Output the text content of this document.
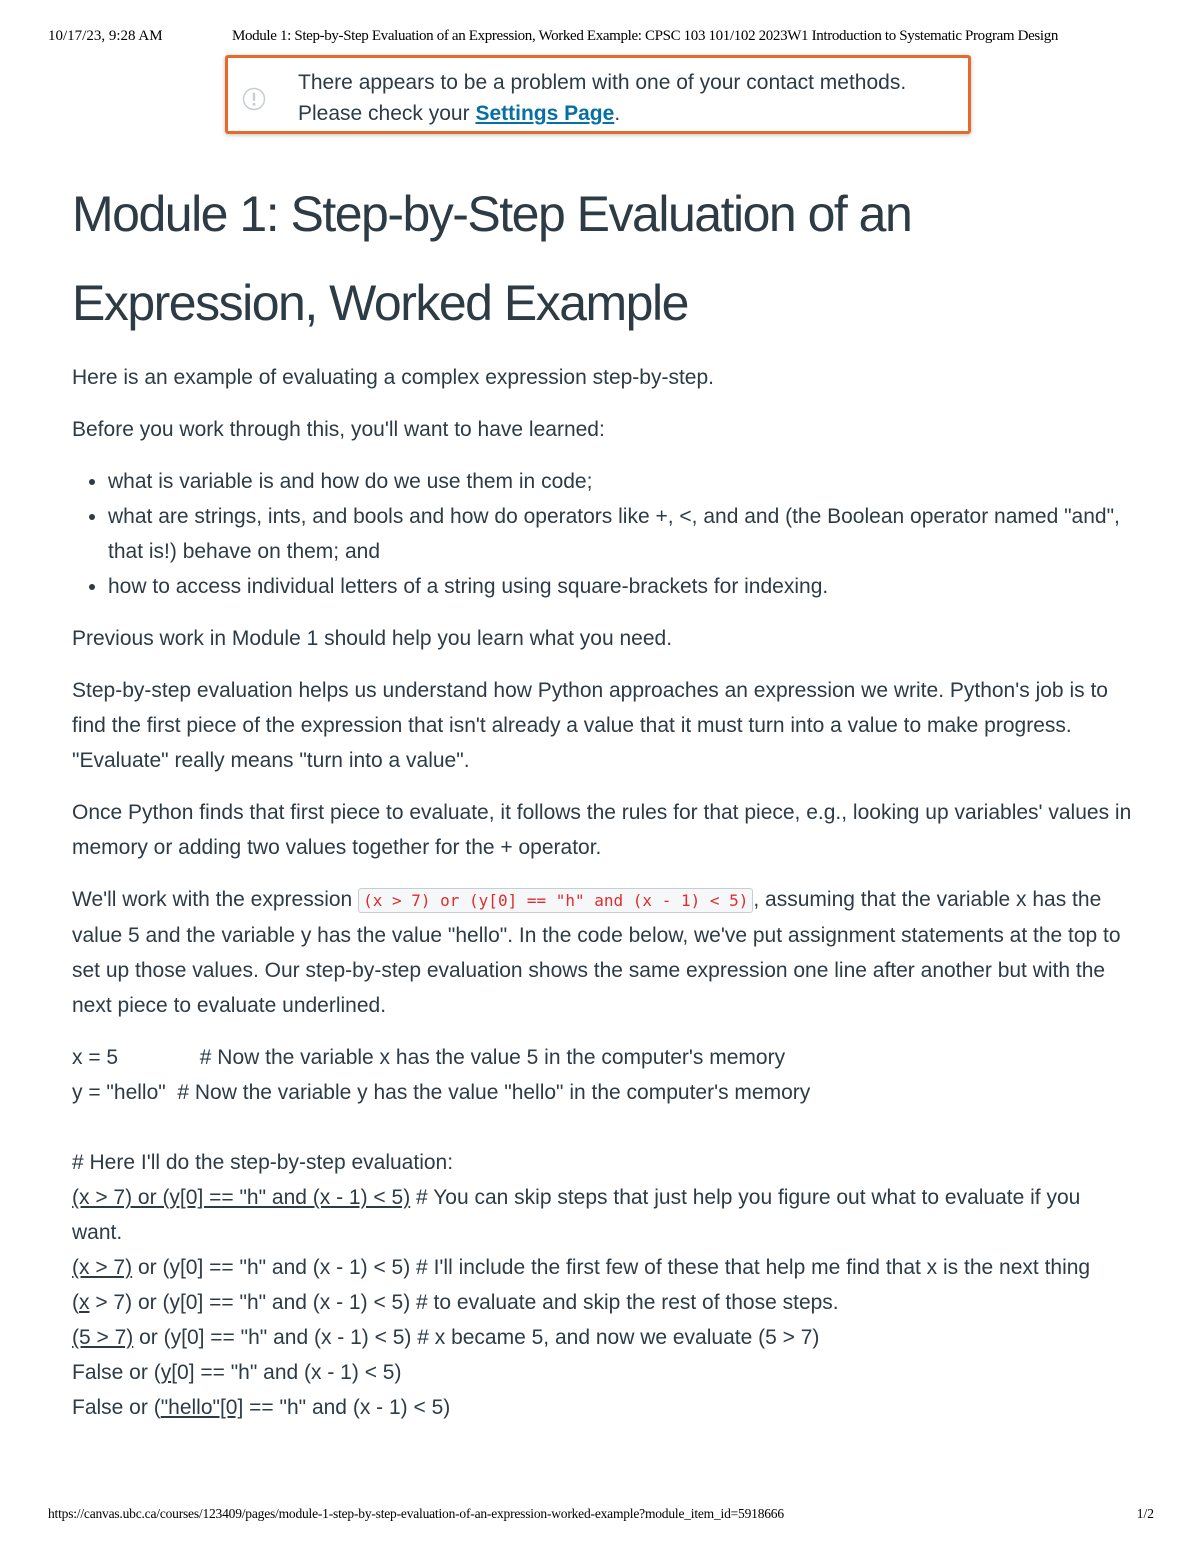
10/17/23, 9:28 AM	Module 1: Step-by-Step Evaluation of an Expression, Worked Example: CPSC 103 101/102 2023W1 Introduction to Systematic Program Design
There appears to be a problem with one of your contact methods. Please check your Settings Page.
Module 1: Step-by-Step Evaluation of an Expression, Worked Example

Here is an example of evaluating a complex expression step-by-step.

Before you work through this, you'll want to have learned:

• what is variable is and how do we use them in code;
• what are strings, ints, and bools and how do operators like +, <, and and (the Boolean operator named "and", that is!) behave on them; and
• how to access individual letters of a string using square-brackets for indexing.

Previous work in Module 1 should help you learn what you need.

Step-by-step evaluation helps us understand how Python approaches an expression we write. Python's job is to find the first piece of the expression that isn't already a value that it must turn into a value to make progress. "Evaluate" really means "turn into a value".

Once Python finds that first piece to evaluate, it follows the rules for that piece, e.g., looking up variables' values in memory or adding two values together for the + operator.

We'll work with the expression (x > 7) or (y[0] == "h" and (x - 1) < 5) , assuming that the variable x has the value 5 and the variable y has the value "hello". In the code below, we've put assignment statements at the top to set up those values. Our step-by-step evaluation shows the same expression one line after another but with the next piece to evaluate underlined.

x = 5              # Now the variable x has the value 5 in the computer's memory
y = "hello"  # Now the variable y has the value "hello" in the computer's memory
# Here I'll do the step-by-step evaluation:
(x > 7) or (y[0] == "h" and (x - 1) < 5) # You can skip steps that just help you figure out what to evaluate if you want.
(x > 7) or (y[0] == "h" and (x - 1) < 5) # I'll include the first few of these that help me find that x is the next thing
(x > 7) or (y[0] == "h" and (x - 1) < 5) # to evaluate and skip the rest of those steps.
(5 > 7) or (y[0] == "h" and (x - 1) < 5) # x became 5, and now we evaluate (5 > 7)
False or (y[0] == "h" and (x - 1) < 5)
False or ("hello"[0] == "h" and (x - 1) < 5)
https://canvas.ubc.ca/courses/123409/pages/module-1-step-by-step-evaluation-of-an-expression-worked-example?module_item_id=5918666	1/2
